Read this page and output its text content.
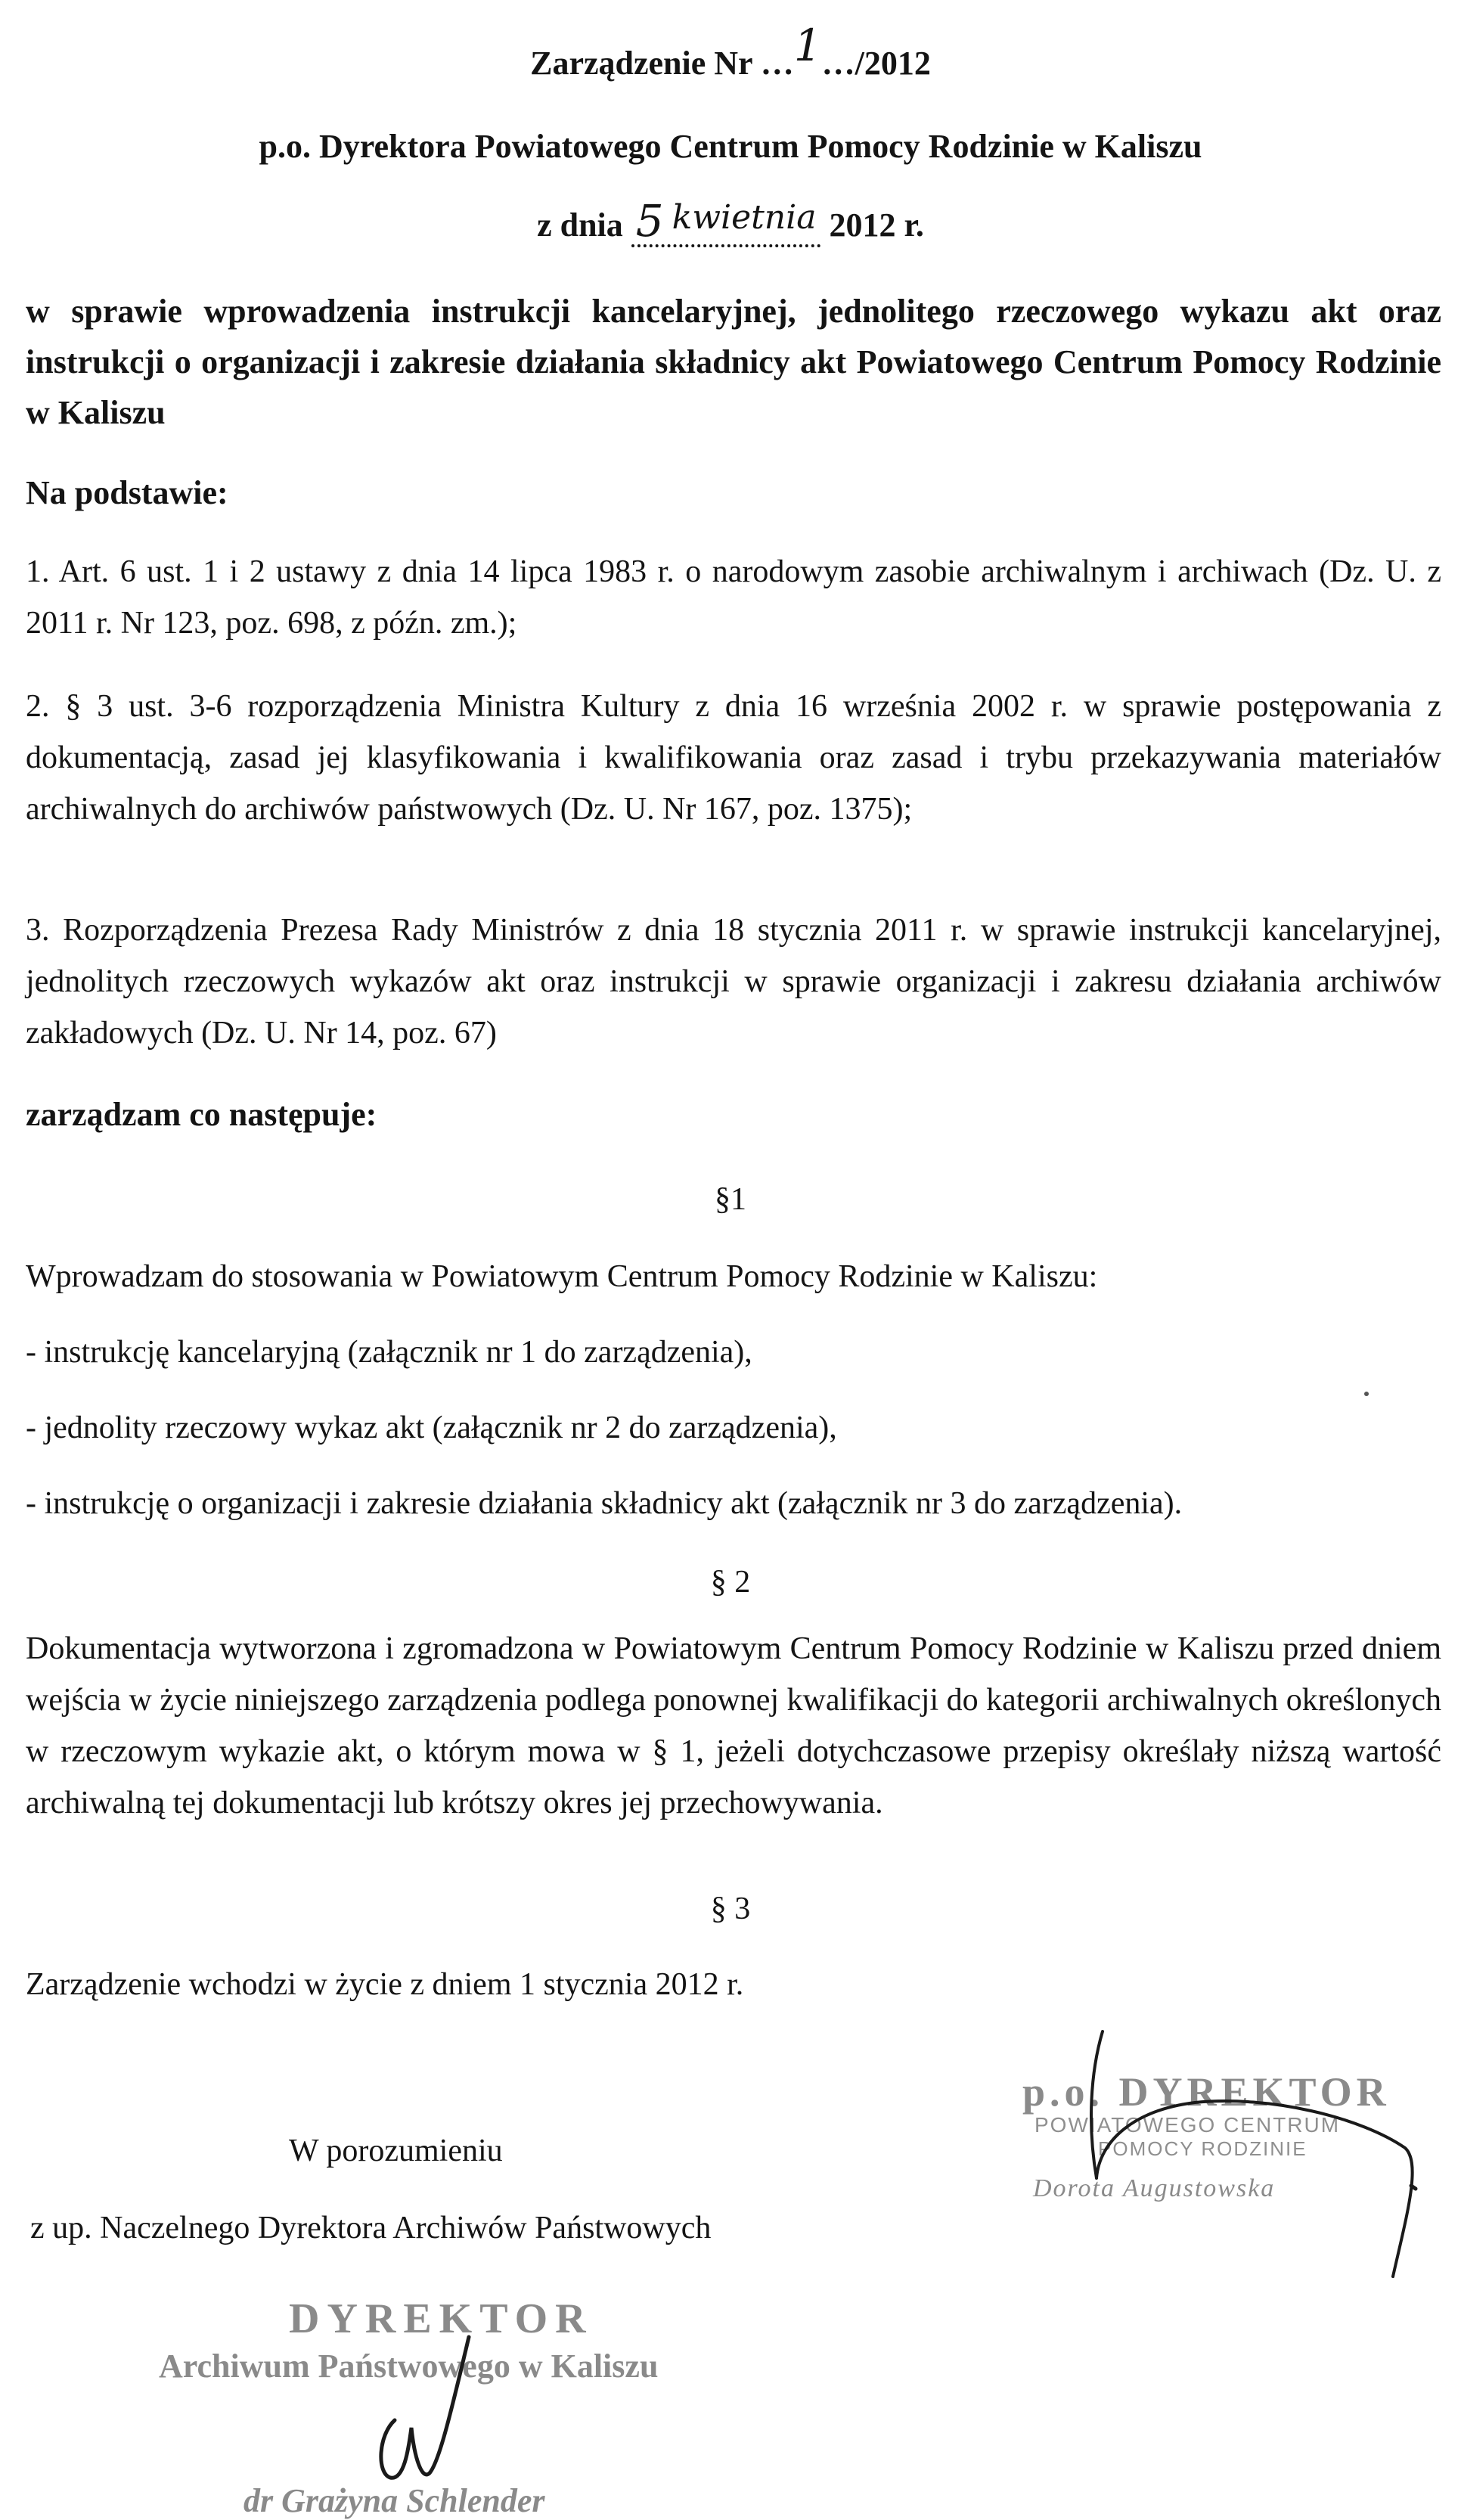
Zarządzenie Nr …1…/2012
p.o. Dyrektora Powiatowego Centrum Pomocy Rodzinie w Kaliszu
z dnia 5 kwietnia 2012 r.
w sprawie wprowadzenia instrukcji kancelaryjnej, jednolitego rzeczowego wykazu akt oraz instrukcji o organizacji i zakresie działania składnicy akt Powiatowego Centrum Pomocy Rodzinie w Kaliszu
Na podstawie:
1. Art. 6 ust. 1 i 2 ustawy z dnia 14 lipca 1983 r. o narodowym zasobie archiwalnym i archiwach (Dz. U. z 2011 r. Nr 123, poz. 698, z późn. zm.);
2. § 3 ust. 3-6 rozporządzenia Ministra Kultury z dnia 16 września 2002 r. w sprawie postępowania z dokumentacją, zasad jej klasyfikowania i kwalifikowania oraz zasad i trybu przekazywania materiałów archiwalnych do archiwów państwowych (Dz. U. Nr 167, poz. 1375);
3. Rozporządzenia Prezesa Rady Ministrów z dnia 18 stycznia 2011 r. w sprawie instrukcji kancelaryjnej, jednolitych rzeczowych wykazów akt oraz instrukcji w sprawie organizacji i zakresu działania archiwów zakładowych (Dz. U. Nr 14, poz. 67)
zarządzam co następuje:
§1
Wprowadzam do stosowania w Powiatowym Centrum Pomocy Rodzinie w Kaliszu:
- instrukcję kancelaryjną (załącznik nr 1 do zarządzenia),
- jednolity rzeczowy wykaz akt (załącznik nr 2 do zarządzenia),
- instrukcję o organizacji i zakresie działania składnicy akt (załącznik nr 3 do zarządzenia).
§ 2
Dokumentacja wytworzona i zgromadzona w Powiatowym Centrum Pomocy Rodzinie w Kaliszu przed dniem wejścia w życie niniejszego zarządzenia podlega ponownej kwalifikacji do kategorii archiwalnych określonych w rzeczowym wykazie akt, o którym mowa w § 1, jeżeli dotychczasowe przepisy określały niższą wartość archiwalną tej dokumentacji lub krótszy okres jej przechowywania.
§ 3
Zarządzenie wchodzi w życie z dniem 1 stycznia 2012 r.
W porozumieniu
z up. Naczelnego Dyrektora Archiwów Państwowych
p.o. DYREKTOR
POWIATOWEGO CENTRUM
POMOCY RODZINIE
Dorota Augustowska
DYREKTOR
Archiwum Państwowego w Kaliszu
dr Grażyna Schlender
